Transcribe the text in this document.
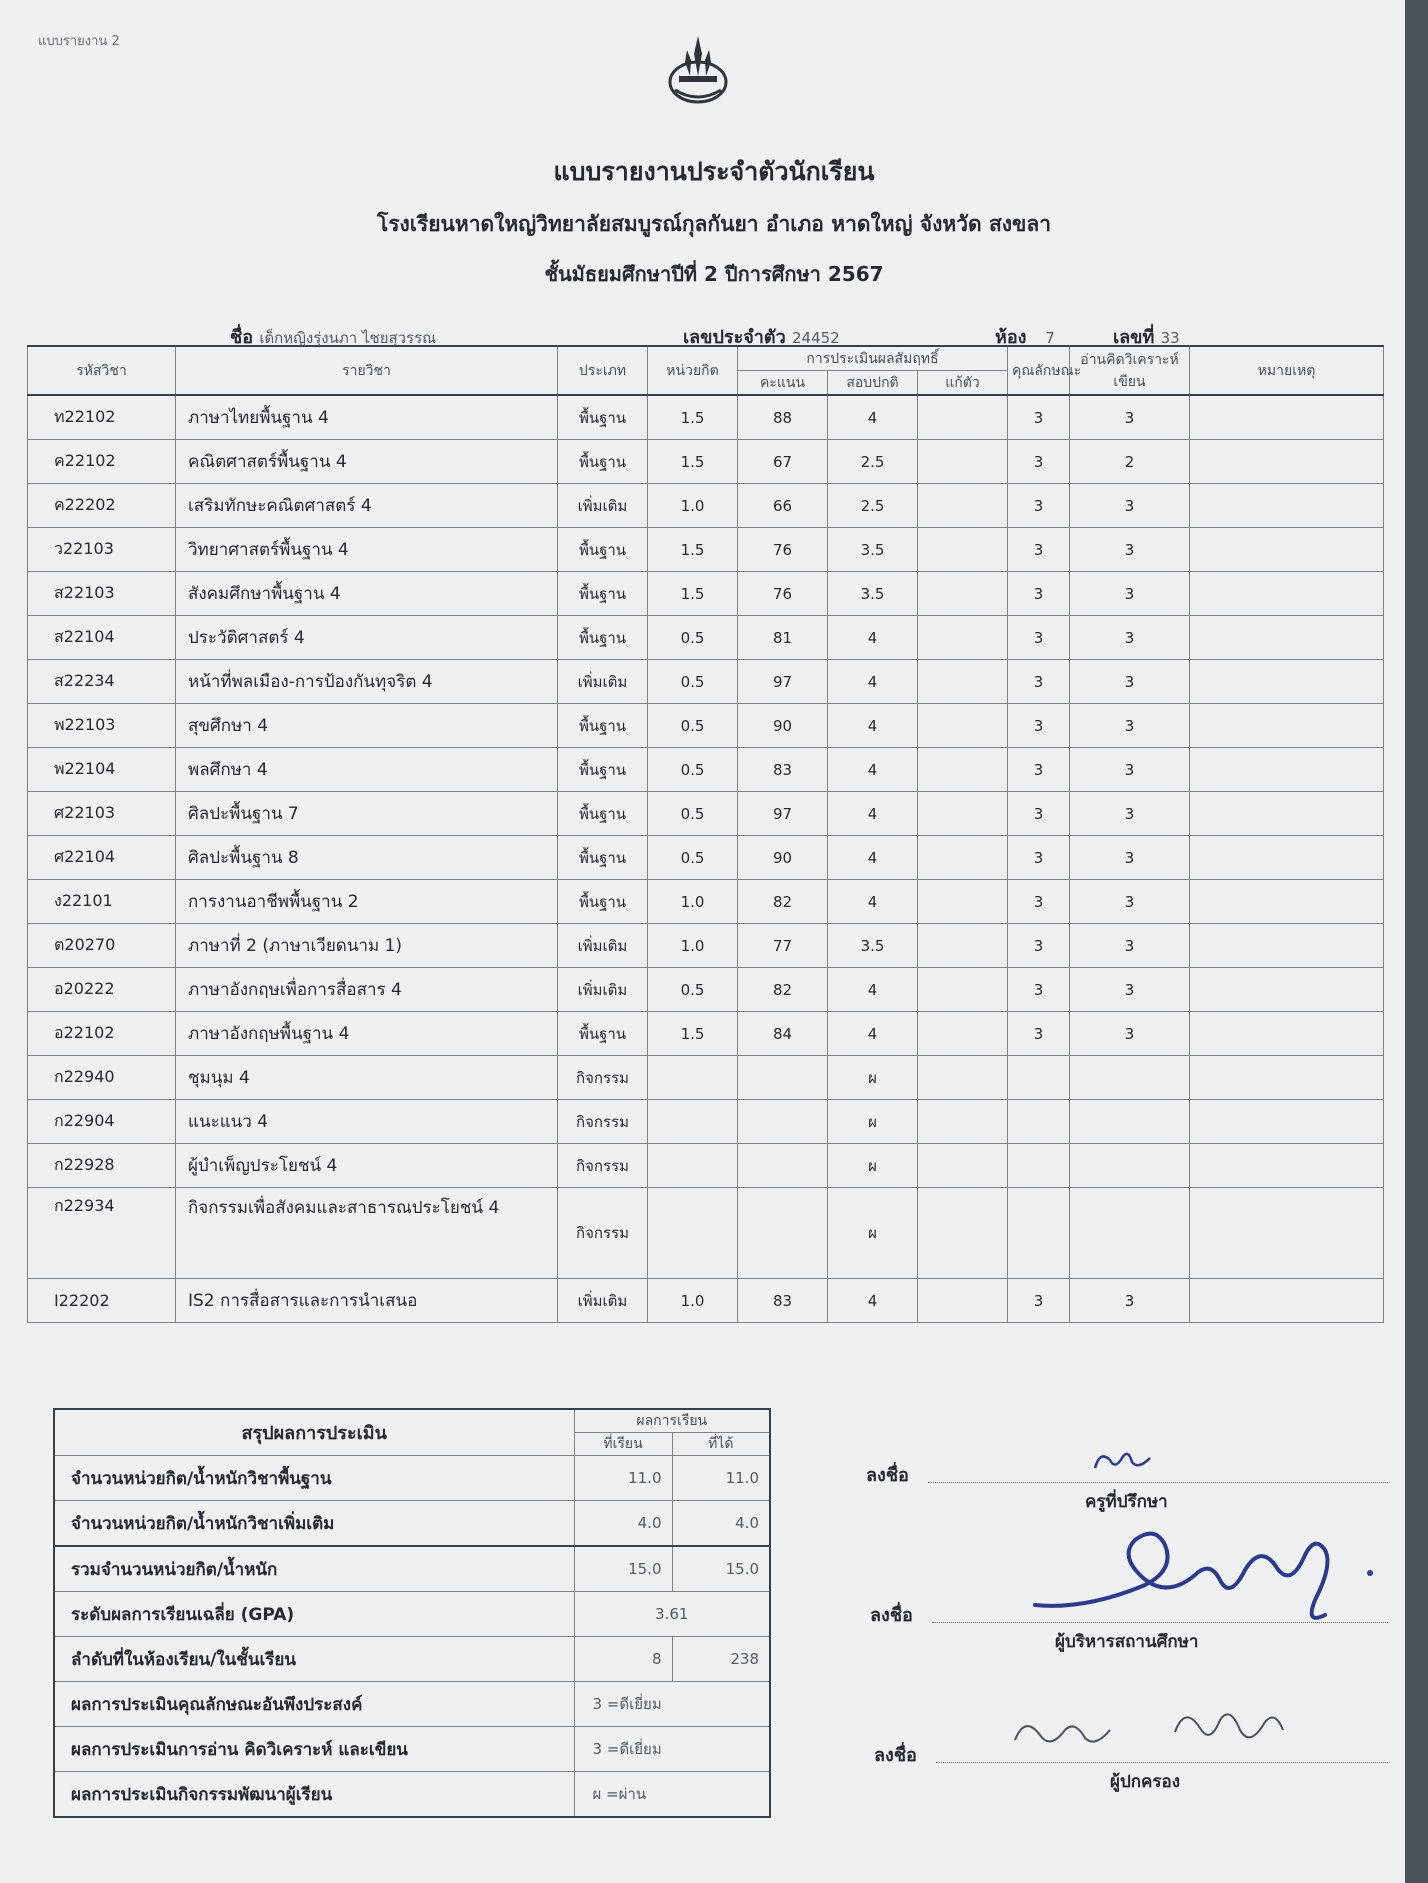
แบบรายงาน 2
แบบรายงานประจำตัวนักเรียน
โรงเรียนหาดใหญ่วิทยาลัยสมบูรณ์กุลกันยา อำเภอ หาดใหญ่ จังหวัด สงขลา
ชั้นมัธยมศึกษาปีที่ 2 ปีการศึกษา 2567
ชื่อ เด็กหญิงรุ่งนภา ไชยสุวรรณ	เลขประจำตัว 24452	ห้อง 7	เลขที่ 33
รหัสวิชา	รายวิชา	ประเภท	หน่วยกิต	การประเมินผลสัมฤทธิ์			คุณลักษณะ	อ่านคิดวิเคราะห์เขียน	หมายเหตุ
				คะแนน	สอบปกติ	แก้ตัว			
ท22102	ภาษาไทยพื้นฐาน 4	พื้นฐาน	1.5	88	4		3	3	
ค22102	คณิตศาสตร์พื้นฐาน 4	พื้นฐาน	1.5	67	2.5		3	2	
ค22202	เสริมทักษะคณิตศาสตร์ 4	เพิ่มเติม	1.0	66	2.5		3	3	
ว22103	วิทยาศาสตร์พื้นฐาน 4	พื้นฐาน	1.5	76	3.5		3	3	
ส22103	สังคมศึกษาพื้นฐาน 4	พื้นฐาน	1.5	76	3.5		3	3	
ส22104	ประวัติศาสตร์ 4	พื้นฐาน	0.5	81	4		3	3	
ส22234	หน้าที่พลเมือง-การป้องกันทุจริต 4	เพิ่มเติม	0.5	97	4		3	3	
พ22103	สุขศึกษา 4	พื้นฐาน	0.5	90	4		3	3	
พ22104	พลศึกษา 4	พื้นฐาน	0.5	83	4		3	3	
ศ22103	ศิลปะพื้นฐาน 7	พื้นฐาน	0.5	97	4		3	3	
ศ22104	ศิลปะพื้นฐาน 8	พื้นฐาน	0.5	90	4		3	3	
ง22101	การงานอาชีพพื้นฐาน 2	พื้นฐาน	1.0	82	4		3	3	
ต20270	ภาษาที่ 2 (ภาษาเวียดนาม 1)	เพิ่มเติม	1.0	77	3.5		3	3	
อ20222	ภาษาอังกฤษเพื่อการสื่อสาร 4	เพิ่มเติม	0.5	82	4		3	3	
อ22102	ภาษาอังกฤษพื้นฐาน 4	พื้นฐาน	1.5	84	4		3	3	
ก22940	ชุมนุม 4	กิจกรรม			ผ				
ก22904	แนะแนว 4	กิจกรรม			ผ				
ก22928	ผู้บำเพ็ญประโยชน์ 4	กิจกรรม			ผ				
ก22934	กิจกรรมเพื่อสังคมและสาธารณประโยชน์ 4	กิจกรรม			ผ				
I22202	IS2 การสื่อสารและการนำเสนอ	เพิ่มเติม	1.0	83	4		3	3	
สรุปผลการประเมิน	ผลการเรียน	
	ที่เรียน	ที่ได้
จำนวนหน่วยกิต/น้ำหนักวิชาพื้นฐาน	11.0	11.0
จำนวนหน่วยกิต/น้ำหนักวิชาเพิ่มเติม	4.0	4.0
รวมจำนวนหน่วยกิต/น้ำหนัก	15.0	15.0
ระดับผลการเรียนเฉลี่ย (GPA)	3.61	
ลำดับที่ในห้องเรียน/ในชั้นเรียน	8	238
ผลการประเมินคุณลักษณะอันพึงประสงค์	3 =ดีเยี่ยม	
ผลการประเมินการอ่าน คิดวิเคราะห์ และเขียน	3 =ดีเยี่ยม	
ผลการประเมินกิจกรรมพัฒนาผู้เรียน	ผ =ผ่าน	
ลงชื่อ
ครูที่ปรึกษา
ลงชื่อ
ผู้บริหารสถานศึกษา
ลงชื่อ
ผู้ปกครอง
